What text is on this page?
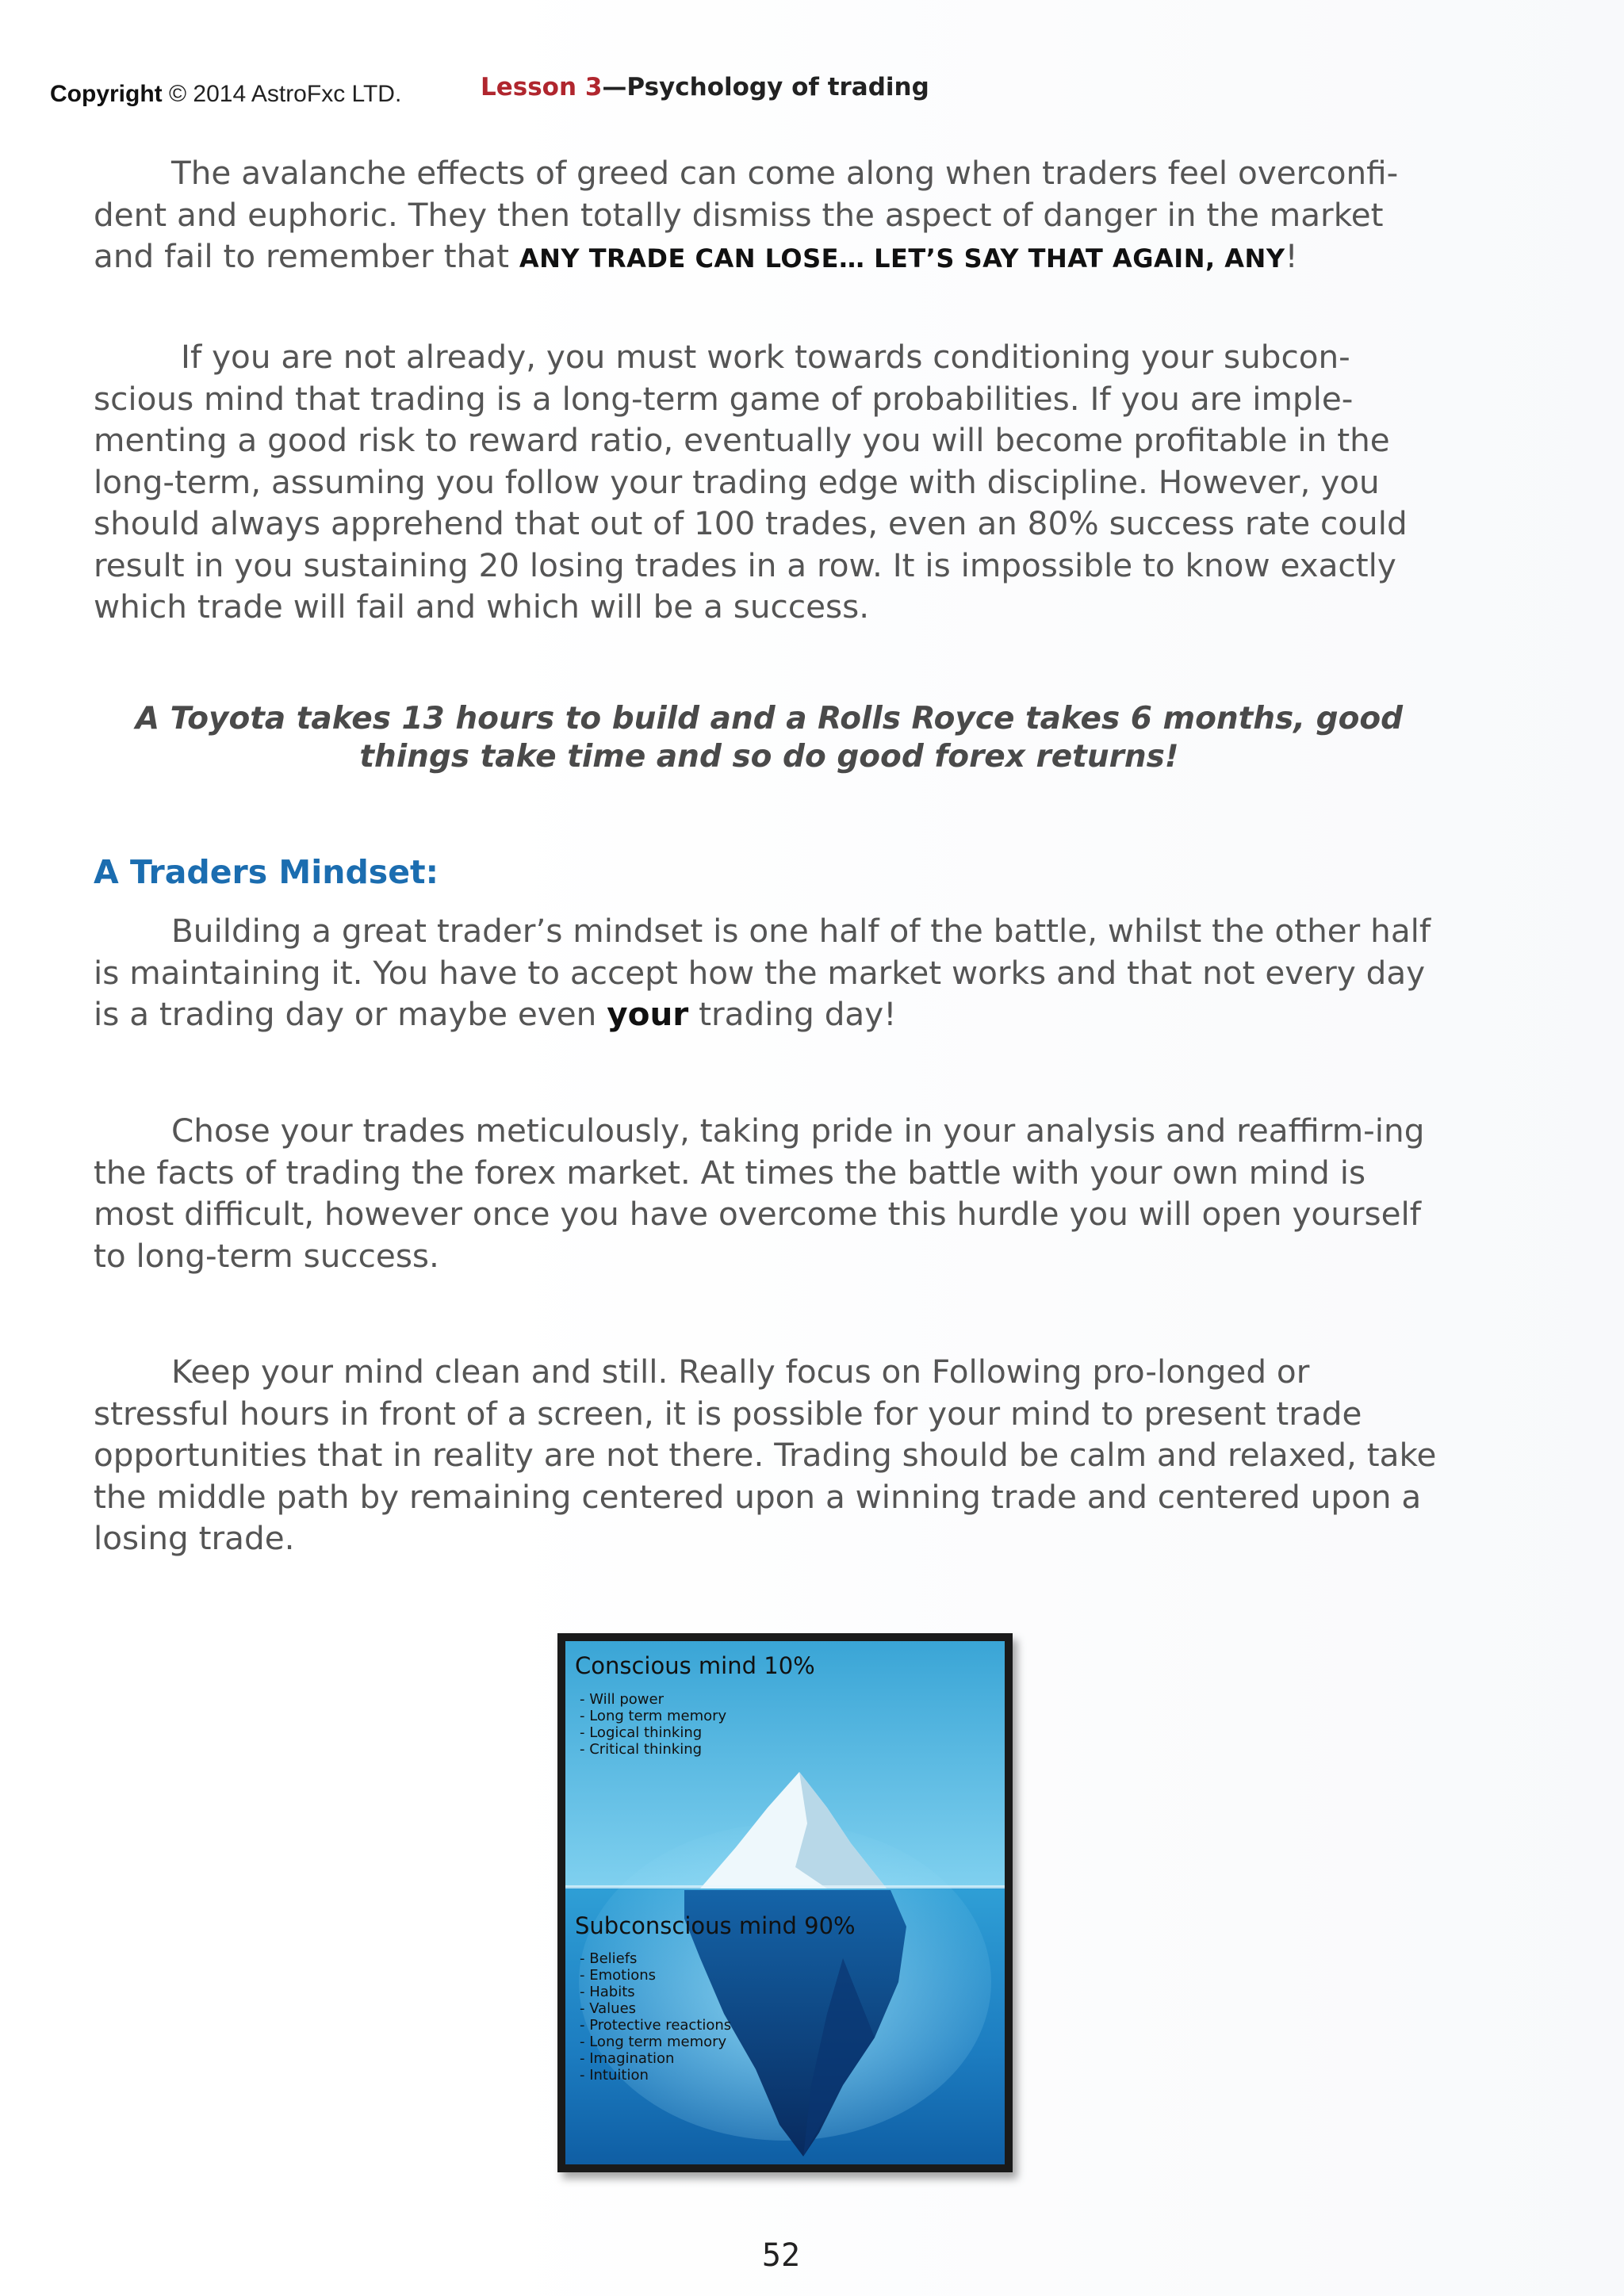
Copyright © 2014 AstroFxc LTD.	Lesson 3—Psychology of trading

The avalanche effects of greed can come along when traders feel overconfi-dent and euphoric. They then totally dismiss the aspect of danger in the market and fail to remember that ANY TRADE CAN LOSE… LET’S SAY THAT AGAIN, ANY!

If you are not already, you must work towards conditioning your subcon-scious mind that trading is a long-term game of probabilities. If you are imple-menting a good risk to reward ratio, eventually you will become profitable in the long-term, assuming you follow your trading edge with discipline. However, you should always apprehend that out of 100 trades, even an 80% success rate could result in you sustaining 20 losing trades in a row. It is impossible to know exactly which trade will fail and which will be a success.

A Toyota takes 13 hours to build and a Rolls Royce takes 6 months, good
things take time and so do good forex returns!
A Traders Mindset:

Building a great trader’s mindset is one half of the battle, whilst the other half is maintaining it. You have to accept how the market works and that not every day is a trading day or maybe even your trading day!

Chose your trades meticulously, taking pride in your analysis and reaffirm-ing the facts of trading the forex market. At times the battle with your own mind is most difficult, however once you have overcome this hurdle you will open yourself to long-term success.

Keep your mind clean and still. Really focus on Following pro-longed or stressful hours in front of a screen, it is possible for your mind to present trade opportunities that in reality are not there. Trading should be calm and relaxed, take the middle path by remaining centered upon a winning trade and centered upon a losing trade.

Conscious mind 10%
- Will power
- Long term memory
- Logical thinking
- Critical thinking
Subconscious mind 90%
- Beliefs
- Emotions
- Habits
- Values
- Protective reactions
- Long term memory
- Imagination
- Intuition
52
